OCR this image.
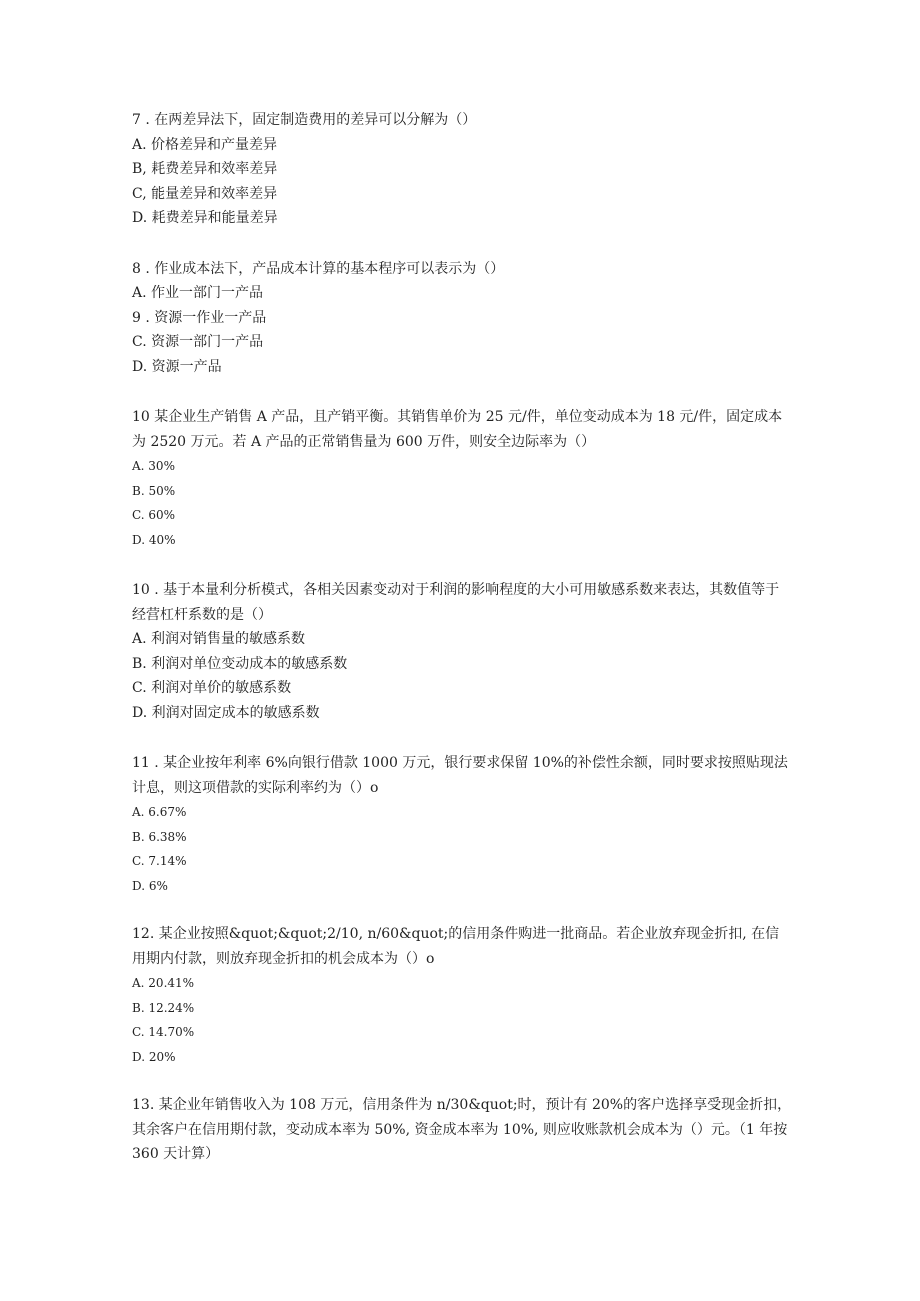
7 . 在两差异法下，固定制造费用的差异可以分解为（）

A. 价格差异和产量差异

B, 耗费差异和效率差异

C, 能量差异和效率差异

D. 耗费差异和能量差异

8 . 作业成本法下，产品成本计算的基本程序可以表示为（）

A. 作业一部门一产品

9 . 资源一作业一产品

C. 资源一部门一产品

D. 资源一产品

10 某企业生产销售 A 产品，且产销平衡。其销售单价为 25 元/件，单位变动成本为 18 元/件，固定成本为 2520 万元。若 A 产品的正常销售量为 600 万件，则安全边际率为（）

A. 30%

B. 50%

C. 60%

D. 40%

10 . 基于本量利分析模式，各相关因素变动对于利润的影响程度的大小可用敏感系数来表达，其数值等于经营杠杆系数的是（）

A. 利润对销售量的敏感系数

B. 利润对单位变动成本的敏感系数

C. 利润对单价的敏感系数

D. 利润对固定成本的敏感系数

11 . 某企业按年利率 6%向银行借款 1000 万元，银行要求保留 10%的补偿性余额，同时要求按照贴现法计息，则这项借款的实际利率约为（）o

A. 6.67%

B. 6.38%

C. 7.14%

D. 6%

12. 某企业按照&quot;&quot;2/10, n/60&quot;的信用条件购进一批商品。若企业放弃现金折扣, 在信用期内付款，则放弃现金折扣的机会成本为（）o

A. 20.41%

B. 12.24%

C. 14.70%

D. 20%

13. 某企业年销售收入为 108 万元，信用条件为 n/30&quot;时，预计有 20%的客户选择享受现金折扣，其余客户在信用期付款，变动成本率为 50%, 资金成本率为 10%, 则应收账款机会成本为（）元。（1 年按 360 天计算）
